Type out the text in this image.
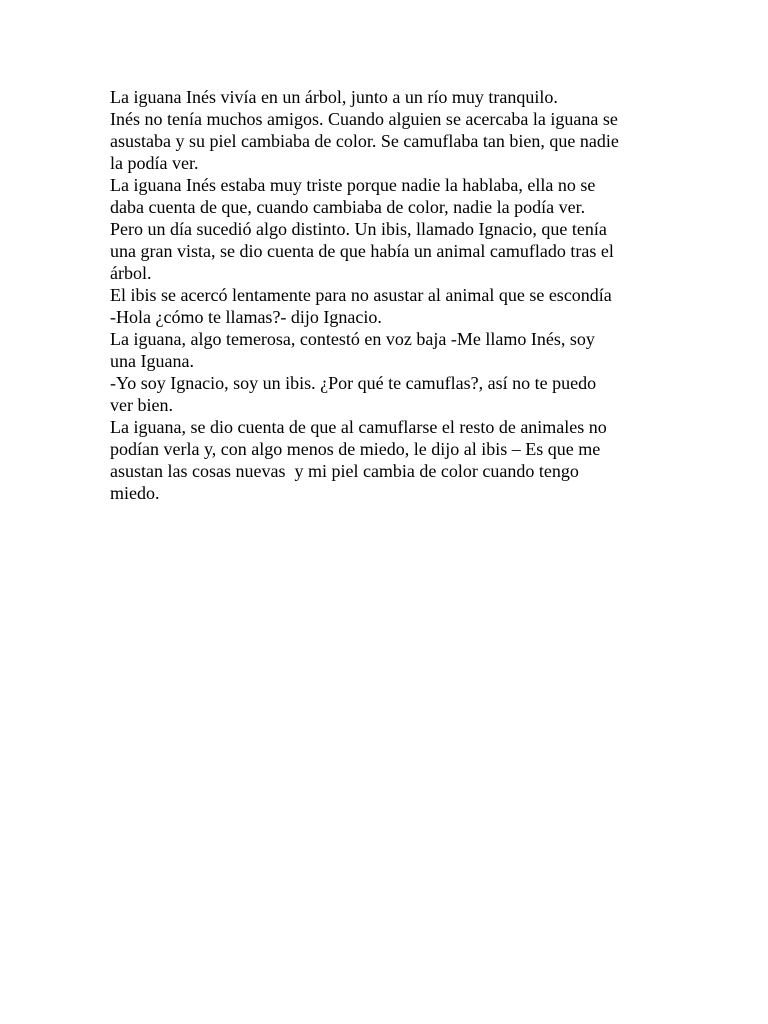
La iguana Inés vivía en un árbol, junto a un río muy tranquilo.
Inés no tenía muchos amigos. Cuando alguien se acercaba la iguana se
asustaba y su piel cambiaba de color. Se camuflaba tan bien, que nadie
la podía ver.
La iguana Inés estaba muy triste porque nadie la hablaba, ella no se
daba cuenta de que, cuando cambiaba de color, nadie la podía ver.
Pero un día sucedió algo distinto. Un ibis, llamado Ignacio, que tenía
una gran vista, se dio cuenta de que había un animal camuflado tras el
árbol.
El ibis se acercó lentamente para no asustar al animal que se escondía
-Hola ¿cómo te llamas?- dijo Ignacio.
La iguana, algo temerosa, contestó en voz baja -Me llamo Inés, soy
una Iguana.
-Yo soy Ignacio, soy un ibis. ¿Por qué te camuflas?, así no te puedo
ver bien.
La iguana, se dio cuenta de que al camuflarse el resto de animales no
podían verla y, con algo menos de miedo, le dijo al ibis – Es que me
asustan las cosas nuevas  y mi piel cambia de color cuando tengo
miedo.
